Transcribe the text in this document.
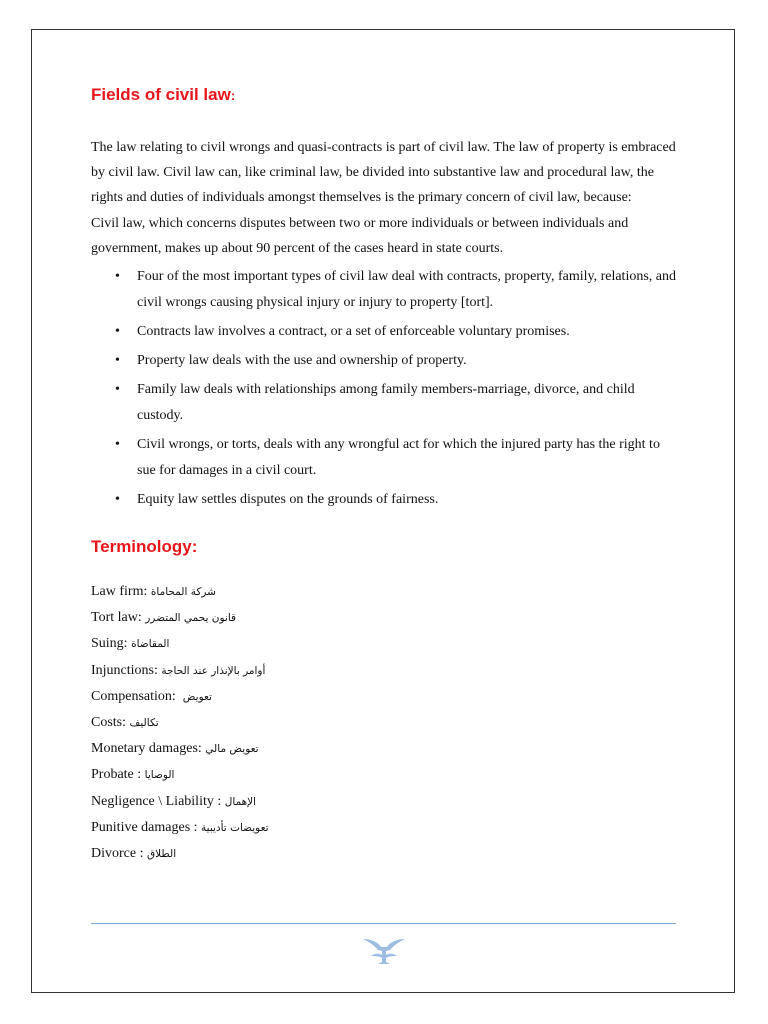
Fields of civil law:

The law relating to civil wrongs and quasi-contracts is part of civil law. The law of property is embraced by civil law. Civil law can, like criminal law, be divided into substantive law and procedural law, the rights and duties of individuals amongst themselves is the primary concern of civil law, because:

Civil law, which concerns disputes between two or more individuals or between individuals and government, makes up about 90 percent of the cases heard in state courts.

• Four of the most important types of civil law deal with contracts, property, family, relations, and civil wrongs causing physical injury or injury to property [tort].
• Contracts law involves a contract, or a set of enforceable voluntary promises.
• Property law deals with the use and ownership of property.
• Family law deals with relationships among family members-marriage, divorce, and child custody.
• Civil wrongs, or torts, deals with any wrongful act for which the injured party has the right to sue for damages in a civil court.
• Equity law settles disputes on the grounds of fairness.
Terminology:
Law firm: شركة المحاماة
Tort law: قانون يحمي المتضرر
Suing: المقاضاة
Injunctions: أوامر بالإنذار عند الحاجة
Compensation: تعويض
Costs: تكاليف
Monetary damages: تعويض مالي
Probate : الوصايا
Negligence \ Liability : الإهمال
Punitive damages : تعويضات تأديبية
Divorce : الطلاق
